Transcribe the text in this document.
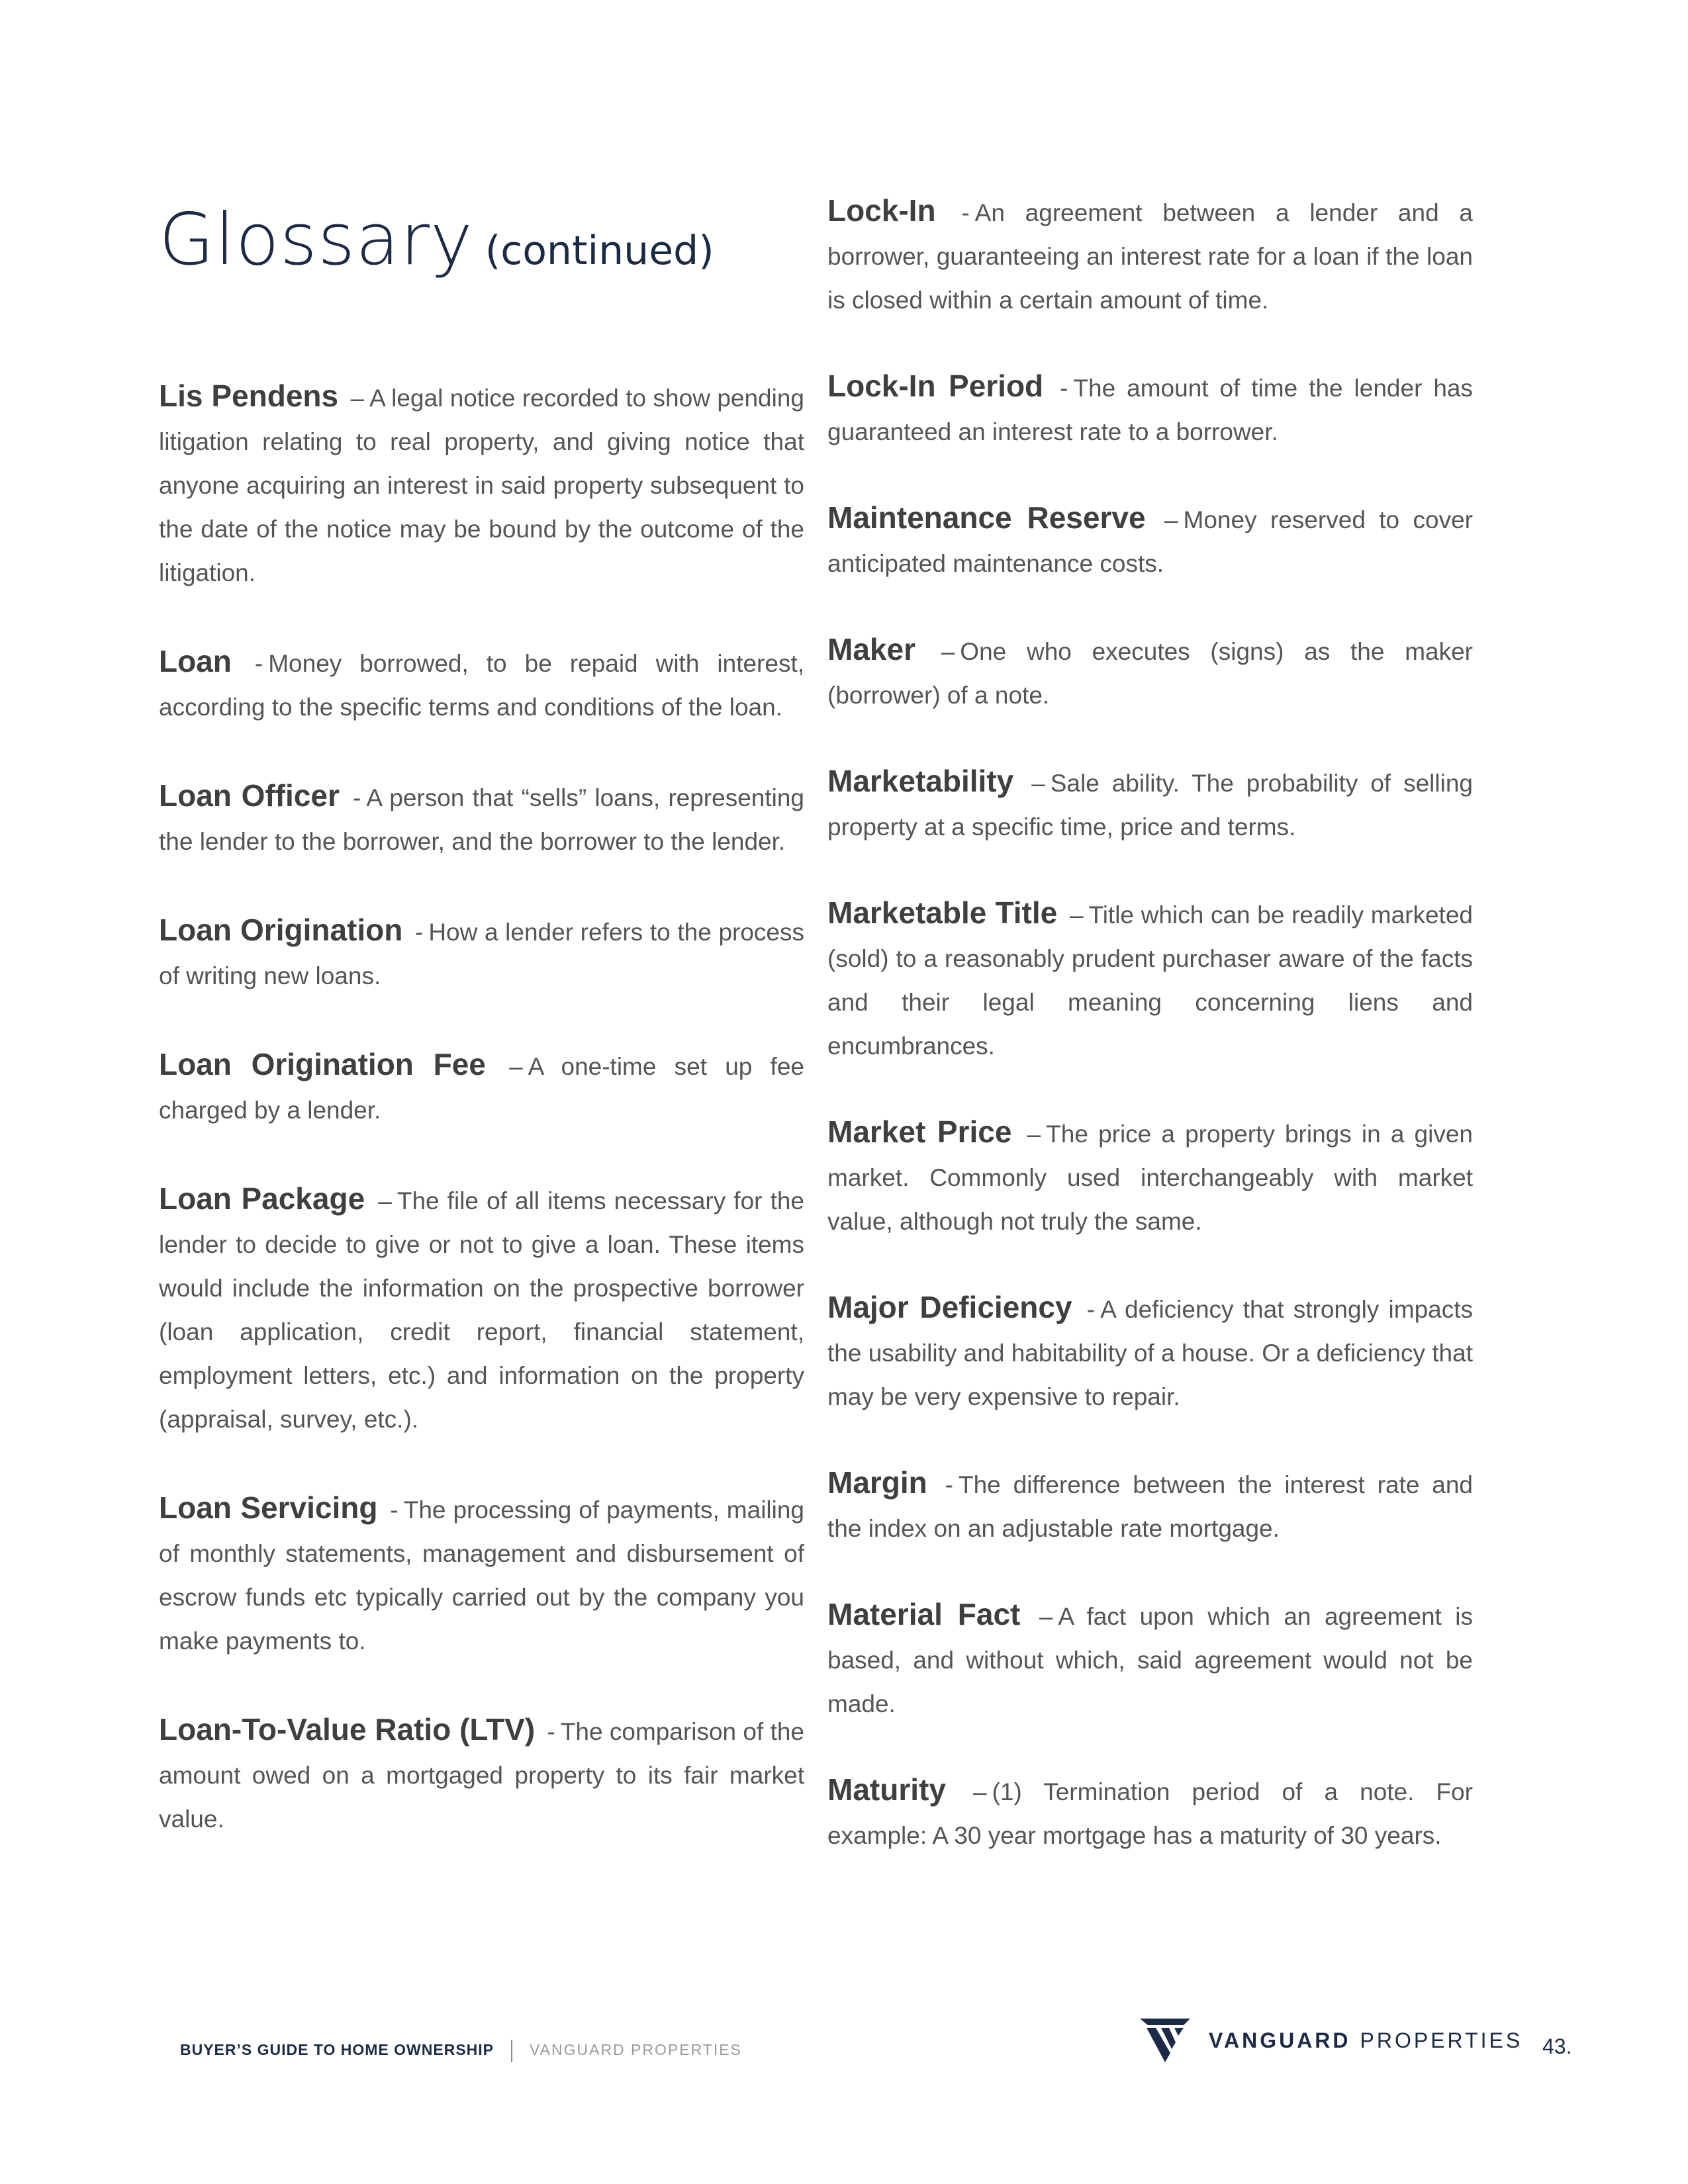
Glossary (continued)
Lis Pendens – A legal notice recorded to show pending litigation relating to real property, and giving notice that anyone acquiring an interest in said property subsequent to the date of the notice may be bound by the outcome of the litigation.
Loan - Money borrowed, to be repaid with interest, according to the specific terms and conditions of the loan.
Loan Officer - A person that “sells” loans, representing the lender to the borrower, and the borrower to the lender.
Loan Origination - How a lender refers to the process of writing new loans.
Loan Origination Fee – A one-time set up fee charged by a lender.
Loan Package – The file of all items necessary for the lender to decide to give or not to give a loan. These items would include the information on the prospective borrower (loan application, credit report, financial statement, employment letters, etc.) and information on the property (appraisal, survey, etc.).
Loan Servicing - The processing of payments, mailing of monthly statements, management and disbursement of escrow funds etc typically carried out by the company you make payments to.
Loan-To-Value Ratio (LTV) - The comparison of the amount owed on a mortgaged property to its fair market value.
Lock-In - An agreement between a lender and a borrower, guaranteeing an interest rate for a loan if the loan is closed within a certain amount of time.
Lock-In Period - The amount of time the lender has guaranteed an interest rate to a borrower.
Maintenance Reserve – Money reserved to cover anticipated maintenance costs.
Maker – One who executes (signs) as the maker (borrower) of a note.
Marketability – Sale ability. The probability of selling property at a specific time, price and terms.
Marketable Title – Title which can be readily marketed (sold) to a reasonably prudent purchaser aware of the facts and their legal meaning concerning liens and encumbrances.
Market Price – The price a property brings in a given market. Commonly used interchangeably with market value, although not truly the same.
Major Deficiency - A deficiency that strongly impacts the usability and habitability of a house. Or a deficiency that may be very expensive to repair.
Margin - The difference between the interest rate and the index on an adjustable rate mortgage.
Material Fact – A fact upon which an agreement is based, and without which, said agreement would not be made.
Maturity – (1) Termination period of a note. For example: A 30 year mortgage has a maturity of 30 years.
BUYER’S GUIDE TO HOME OWNERSHIP VANGUARD PROPERTIES	VANGUARD PROPERTIES 43.
